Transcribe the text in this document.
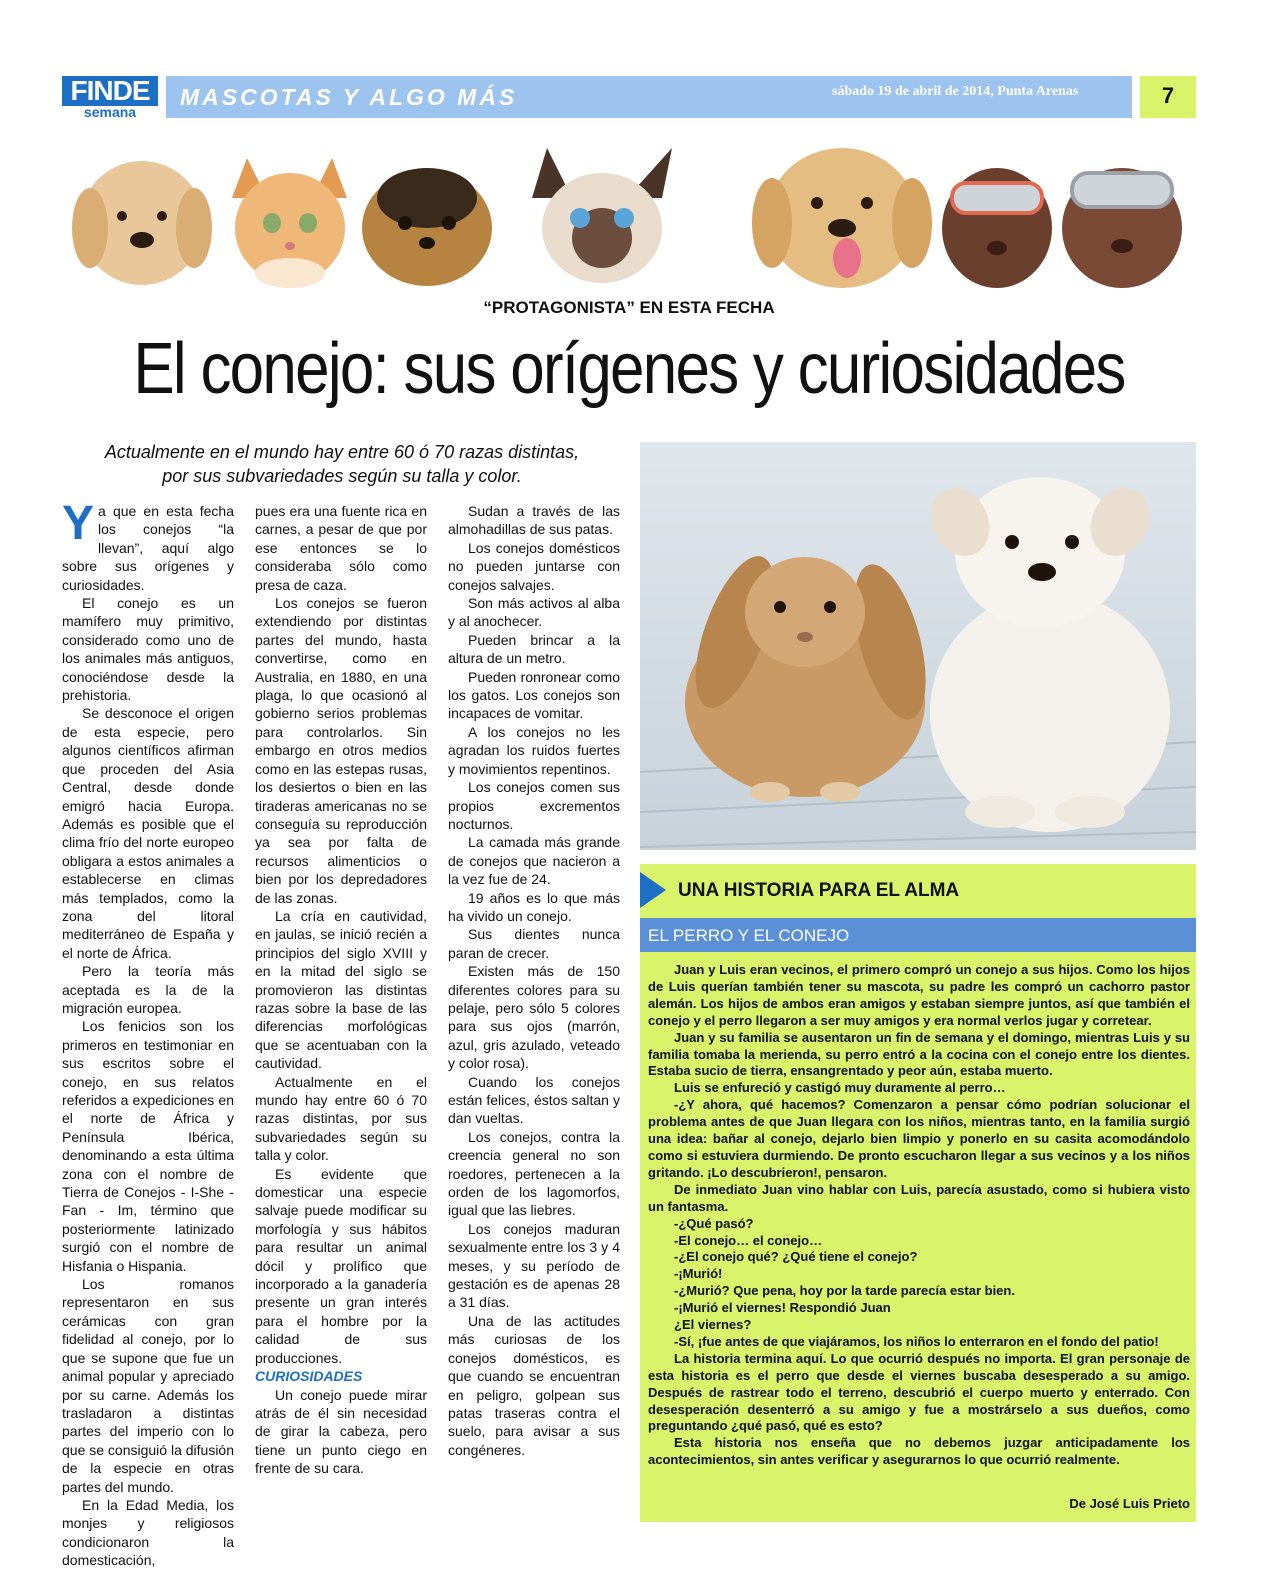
FINDE
semana
MASCOTAS Y ALGO MÁS	sábado 19 de abril de 2014, Punta Arenas	7
“PROTAGONISTA” EN ESTA FECHA
El conejo: sus orígenes y curiosidades
Actualmente en el mundo hay entre 60 ó 70 razas distintas,
por sus subvariedades según su talla y color.

Ya que en esta fecha los conejos “la llevan”, aquí algo sobre sus orígenes y curiosidades.

El conejo es un mamífero muy primitivo, considerado como uno de los animales más antiguos, conociéndose desde la prehistoria.

Se desconoce el origen de esta especie, pero algunos científicos afirman que proceden del Asia Central, desde donde emigró hacia Europa. Además es posible que el clima frío del norte europeo obligara a estos animales a establecerse en climas más templados, como la zona del litoral mediterráneo de España y el norte de África.

Pero la teoría más aceptada es la de la migración europea.

Los fenicios son los primeros en testimoniar en sus escritos sobre el conejo, en sus relatos referidos a expediciones en el norte de África y Península Ibérica, denominando a esta última zona con el nombre de Tierra de Conejos - I-She - Fan - Im, término que posteriormente latinizado surgió con el nombre de Hisfania o Hispania.

Los romanos representaron en sus cerámicas con gran fidelidad al conejo, por lo que se supone que fue un animal popular y apreciado por su carne. Además los trasladaron a distintas partes del imperio con lo que se consiguió la difusión de la especie en otras partes del mundo.

En la Edad Media, los monjes y religiosos condicionaron la domesticación,

pues era una fuente rica en carnes, a pesar de que por ese entonces se lo consideraba sólo como presa de caza.

Los conejos se fueron extendiendo por distintas partes del mundo, hasta convertirse, como en Australia, en 1880, en una plaga, lo que ocasionó al gobierno serios problemas para controlarlos. Sin embargo en otros medios como en las estepas rusas, los desiertos o bien en las tiraderas americanas no se conseguía su reproducción ya sea por falta de recursos alimenticios o bien por los depredadores de las zonas.

La cría en cautividad, en jaulas, se inició recién a principios del siglo XVIII y en la mitad del siglo se promovieron las distintas razas sobre la base de las diferencias morfológicas que se acentuaban con la cautividad.

Actualmente en el mundo hay entre 60 ó 70 razas distintas, por sus subvariedades según su talla y color.

Es evidente que domesticar una especie salvaje puede modificar su morfología y sus hábitos para resultar un animal dócil y prolífico que incorporado a la ganadería presente un gran interés para el hombre por la calidad de sus producciones.

CURIOSIDADES

Un conejo puede mirar atrás de él sin necesidad de girar la cabeza, pero tiene un punto ciego en frente de su cara.

Sudan a través de las almohadillas de sus patas.

Los conejos domésticos no pueden juntarse con conejos salvajes.

Son más activos al alba y al anochecer.

Pueden brincar a la altura de un metro.

Pueden ronronear como los gatos. Los conejos son incapaces de vomitar.

A los conejos no les agradan los ruidos fuertes y movimientos repentinos.

Los conejos comen sus propios excrementos nocturnos.

La camada más grande de conejos que nacieron a la vez fue de 24.

19 años es lo que más ha vivido un conejo.

Sus dientes nunca paran de crecer.

Existen más de 150 diferentes colores para su pelaje, pero sólo 5 colores para sus ojos (marrón, azul, gris azulado, veteado y color rosa).

Cuando los conejos están felices, éstos saltan y dan vueltas.

Los conejos, contra la creencia general no son roedores, pertenecen a la orden de los lagomorfos, igual que las liebres.

Los conejos maduran sexualmente entre los 3 y 4 meses, y su período de gestación es de apenas 28 a 31 días.

Una de las actitudes más curiosas de los conejos domésticos, es que cuando se encuentran en peligro, golpean sus patas traseras contra el suelo, para avisar a sus congéneres.

UNA HISTORIA PARA EL ALMA
EL PERRO Y EL CONEJO

Juan y Luis eran vecinos, el primero compró un conejo a sus hijos. Como los hijos de Luis querían también tener su mascota, su padre les compró un cachorro pastor alemán. Los hijos de ambos eran amigos y estaban siempre juntos, así que también el conejo y el perro llegaron a ser muy amigos y era normal verlos jugar y corretear.

Juan y su familia se ausentaron un fin de semana y el domingo, mientras Luis y su familia tomaba la merienda, su perro entró a la cocina con el conejo entre los dientes. Estaba sucio de tierra, ensangrentado y peor aún, estaba muerto.

Luis se enfureció y castigó muy duramente al perro…

-¿Y ahora, qué hacemos? Comenzaron a pensar cómo podrían solucionar el problema antes de que Juan llegara con los niños, mientras tanto, en la familia surgió una idea: bañar al conejo, dejarlo bien limpio y ponerlo en su casita acomodándolo como si estuviera durmiendo. De pronto escucharon llegar a sus vecinos y a los niños gritando. ¡Lo descubrieron!, pensaron.

De inmediato Juan vino hablar con Luis, parecía asustado, como si hubiera visto un fantasma.

-¿Qué pasó?

-El conejo… el conejo…

-¿El conejo qué? ¿Qué tiene el conejo?

-¡Murió!

-¿Murió? Que pena, hoy por la tarde parecía estar bien.

-¡Murió el viernes! Respondió Juan

¿El viernes?

-Sí, ¡fue antes de que viajáramos, los niños lo enterraron en el fondo del patio!

La historia termina aquí. Lo que ocurrió después no importa. El gran personaje de esta historia es el perro que desde el viernes buscaba desesperado a su amigo. Después de rastrear todo el terreno, descubrió el cuerpo muerto y enterrado. Con desesperación desenterró a su amigo y fue a mostrárselo a sus dueños, como preguntando ¿qué pasó, qué es esto?

Esta historia nos enseña que no debemos juzgar anticipadamente los acontecimientos, sin antes verificar y asegurarnos lo que ocurrió realmente.

De José Luis Prieto
